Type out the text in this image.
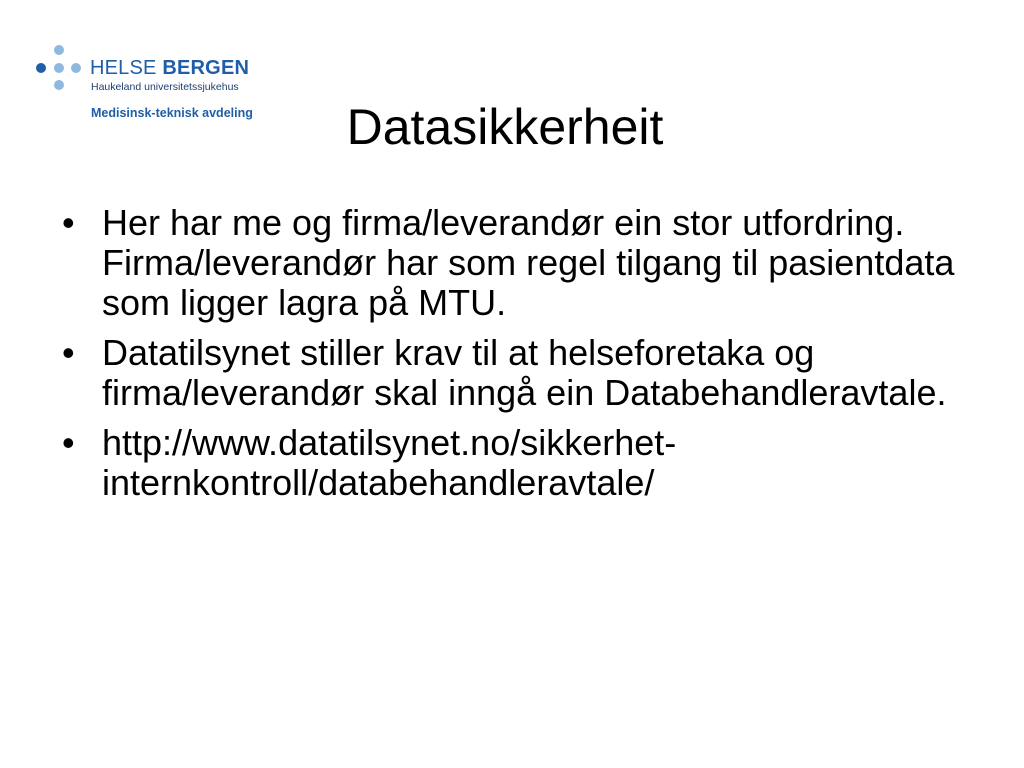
HELSE BERGEN
Haukeland universitetssjukehus
Medisinsk-teknisk avdeling	Datasikkerheit
• Her har me og firma/leverandør ein stor utfordring. Firma/leverandør har som regel tilgang til pasientdata som ligger lagra på MTU.
• Datatilsynet stiller krav til at helseforetaka og firma/leverandør skal inngå ein Databehandleravtale.
• http://www.datatilsynet.no/sikkerhet-internkontroll/databehandleravtale/
